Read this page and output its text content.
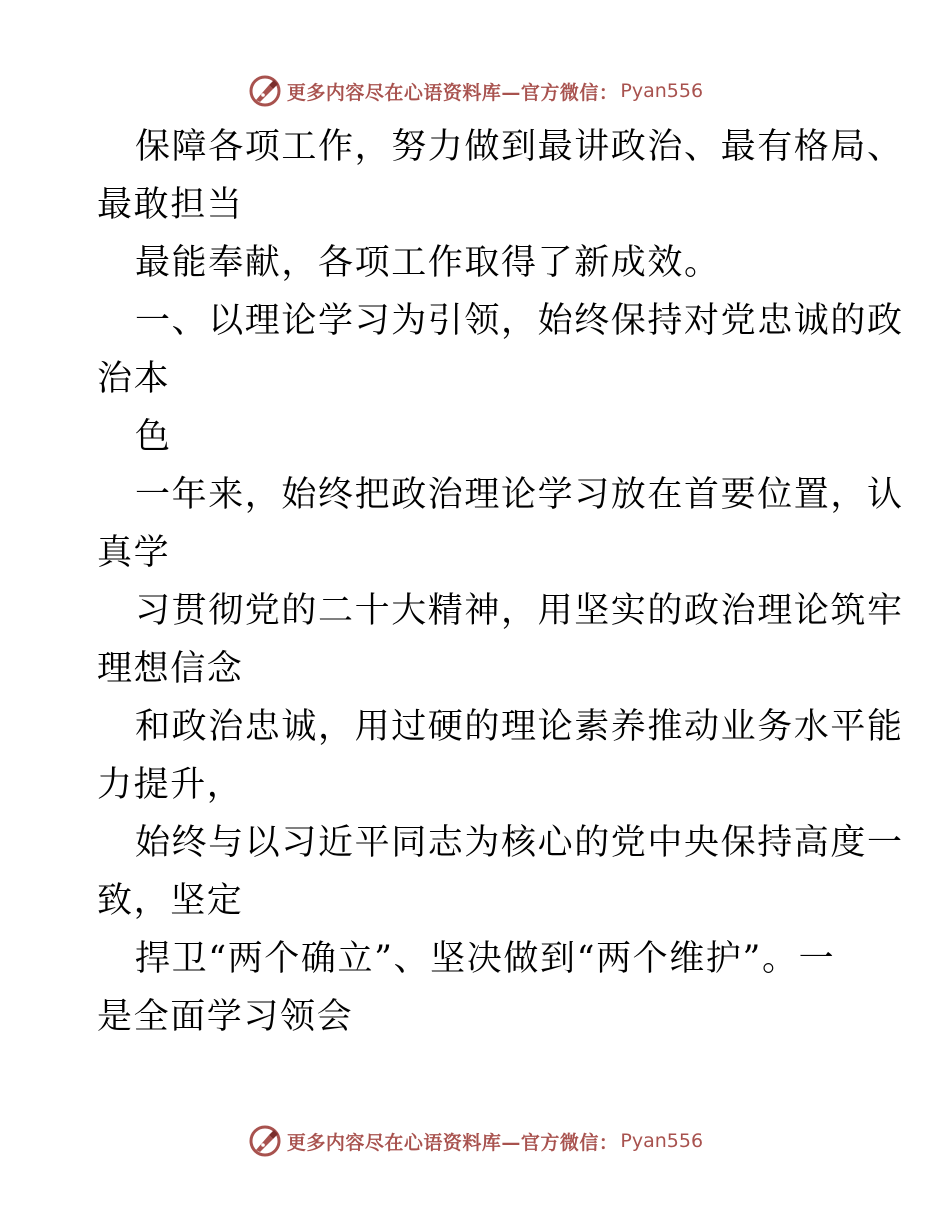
更多内容尽在心语资料库—官方微信： Pyan556
保障各项工作，努力做到最讲政治、最有格局、
最敢担当
最能奉献，各项工作取得了新成效。
一、以理论学习为引领，始终保持对党忠诚的政
治本
色
一年来，始终把政治理论学习放在首要位置，认
真学
习贯彻党的二十大精神，用坚实的政治理论筑牢
理想信念
和政治忠诚，用过硬的理论素养推动业务水平能
力提升，
始终与以习近平同志为核心的党中央保持高度一
致，坚定
捍卫“两个确立”、坚决做到“两个维护”。一
是全面学习领会
更多内容尽在心语资料库—官方微信： Pyan556
